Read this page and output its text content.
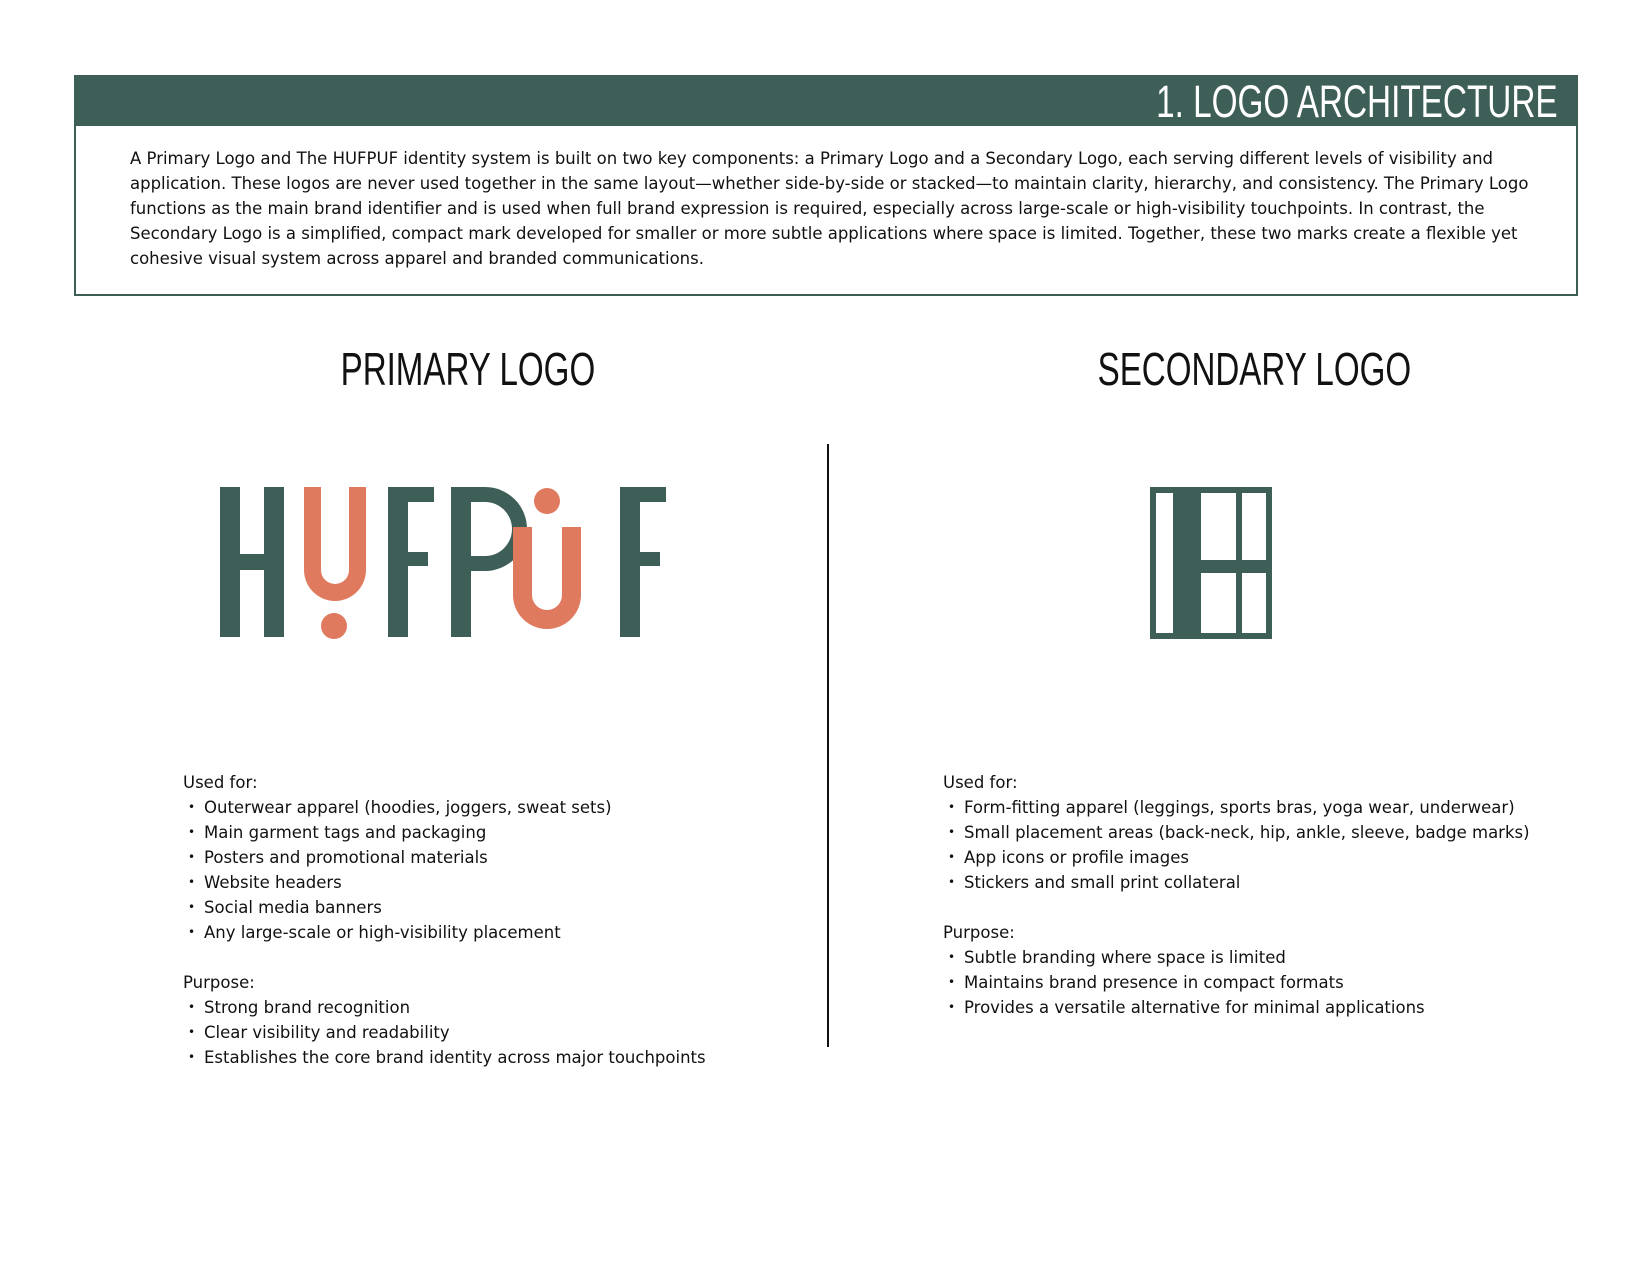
1. LOGO ARCHITECTURE
A Primary Logo and The HUFPUF identity system is built on two key components: a Primary Logo and a Secondary Logo, each serving different levels of visibility and application. These logos are never used together in the same layout—whether side-by-side or stacked—to maintain clarity, hierarchy, and consistency. The Primary Logo functions as the main brand identifier and is used when full brand expression is required, especially across large-scale or high-visibility touchpoints. In contrast, the Secondary Logo is a simplified, compact mark developed for smaller or more subtle applications where space is limited. Together, these two marks create a flexible yet cohesive visual system across apparel and branded communications.
PRIMARY LOGO	SECONDARY LOGO
Used for:
• Outerwear apparel (hoodies, joggers, sweat sets)
• Main garment tags and packaging
• Posters and promotional materials
• Website headers
• Social media banners
• Any large-scale or high-visibility placement
Purpose:
• Strong brand recognition
• Clear visibility and readability
• Establishes the core brand identity across major touchpoints
Used for:
• Form-fitting apparel (leggings, sports bras, yoga wear, underwear)
• Small placement areas (back-neck, hip, ankle, sleeve, badge marks)
• App icons or profile images
• Stickers and small print collateral
Purpose:
• Subtle branding where space is limited
• Maintains brand presence in compact formats
• Provides a versatile alternative for minimal applications
